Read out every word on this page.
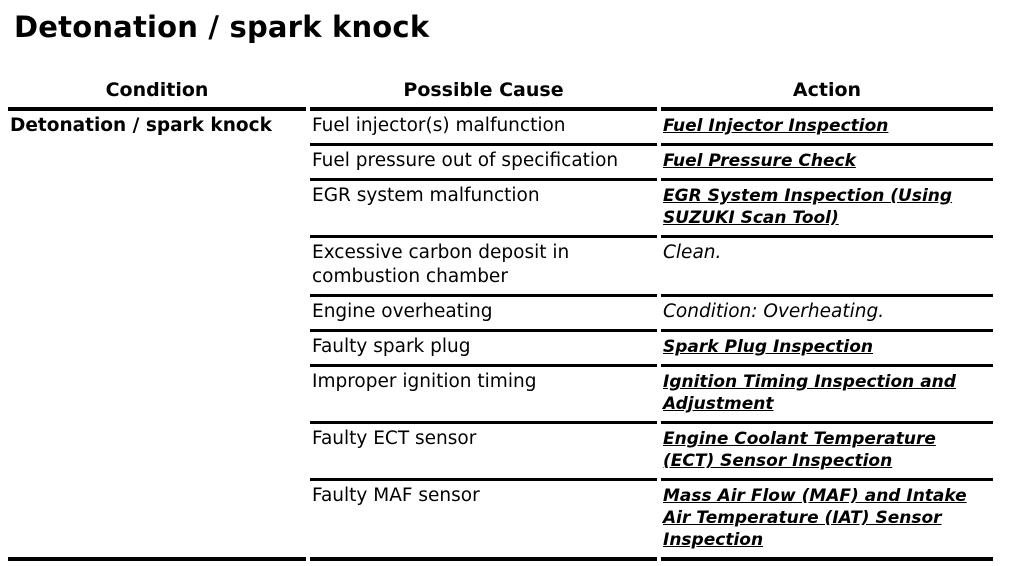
Detonation / spark knock
Condition	Possible Cause	Action
Detonation / spark knock	Fuel injector(s) malfunction	Fuel Injector Inspection
	Fuel pressure out of specification	Fuel Pressure Check
	EGR system malfunction	EGR System Inspection (Using SUZUKI Scan Tool)
	Excessive carbon deposit in combustion chamber	Clean.
	Engine overheating	Condition: Overheating.
	Faulty spark plug	Spark Plug Inspection
	Improper ignition timing	Ignition Timing Inspection and Adjustment
	Faulty ECT sensor	Engine Coolant Temperature (ECT) Sensor Inspection
	Faulty MAF sensor	Mass Air Flow (MAF) and Intake Air Temperature (IAT) Sensor Inspection
